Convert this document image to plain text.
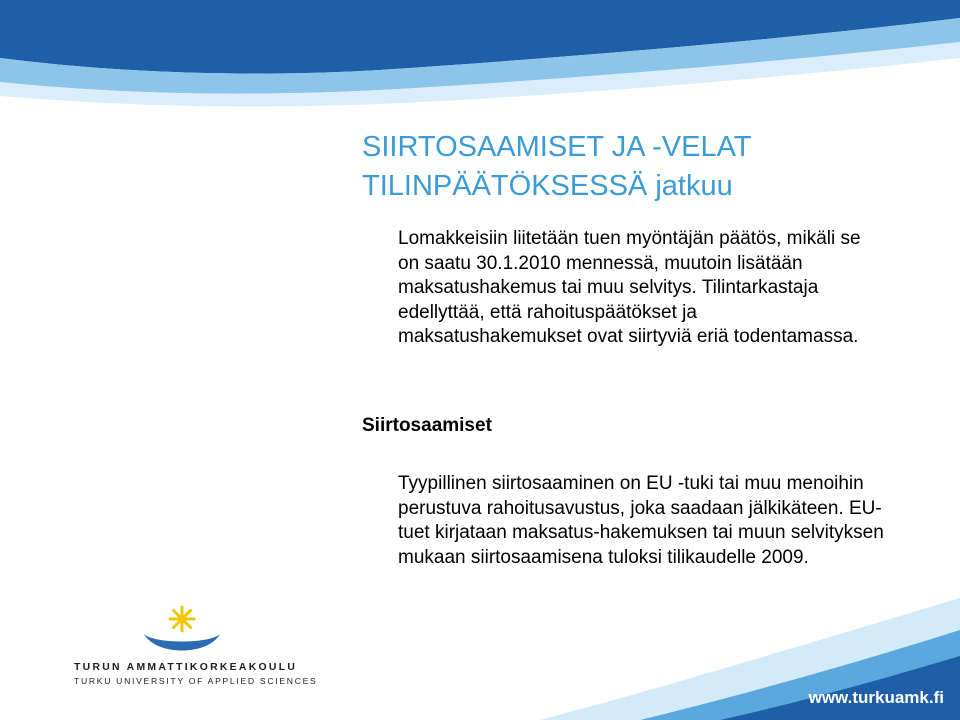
SIIRTOSAAMISET JA -VELAT
TILINPÄÄTÖKSESSÄ jatkuu
Lomakkeisiin liitetään tuen myöntäjän päätös, mikäli se on saatu 30.1.2010 mennessä, muutoin lisätään maksatushakemus tai muu selvitys. Tilintarkastaja edellyttää, että rahoituspäätökset ja maksatushakemukset ovat siirtyviä eriä todentamassa.
Siirtosaamiset
Tyypillinen siirtosaaminen on EU -tuki tai muu menoihin perustuva rahoitusavustus, joka saadaan jälkikäteen. EU-tuet kirjataan maksatus-hakemuksen tai muun selvityksen mukaan siirtosaamisena tuloksi tilikaudelle 2009.
TURUN AMMATTIKORKEAKOULU
TURKU UNIVERSITY OF APPLIED SCIENCES
www.turkuamk.fi
